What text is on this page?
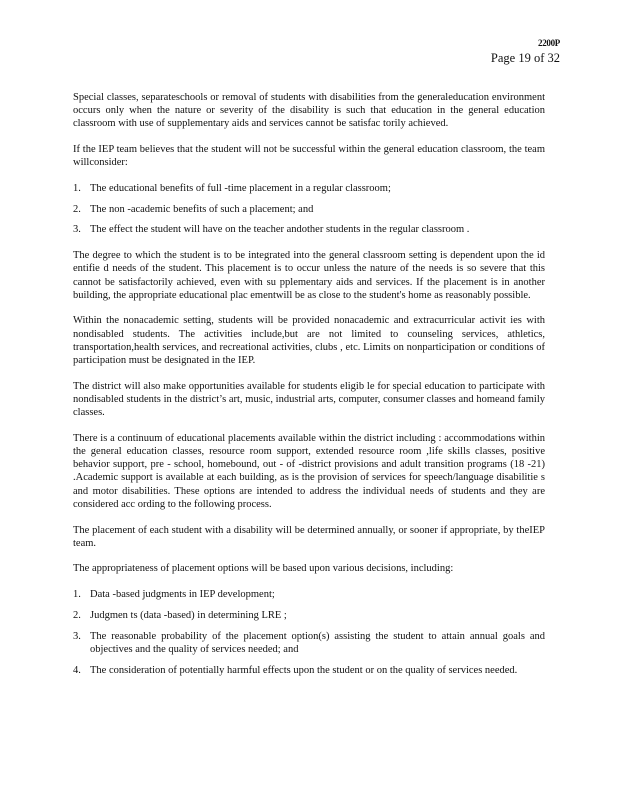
2200P
Page 19 of 32

Special classes, separateschools or removal of students with disabilities from the generaleducation environment occurs only when the nature or severity of the disability is such that education in the general education classroom with use of supplementary aids and services cannot be satisfac torily achieved.

If the IEP team believes that the student will not be successful within the general education classroom, the team willconsider:

1. The educational benefits of full -time placement in a regular classroom;
2. The non -academic benefits of such a placement; and
3. The effect the student will have on the teacher andother students in the regular classroom .

The degree to which the student is to be integrated into the general classroom setting is dependent upon the id entifie d needs of the student. This placement is to occur unless the nature of the needs is so severe that this cannot be satisfactorily achieved, even with su pplementary aids and services. If the placement is in another building, the appropriate educational plac ementwill be as close to the student's home as reasonably possible.

Within the nonacademic setting, students will be provided nonacademic and extracurricular activit ies with nondisabled students. The activities include,but are not limited to counseling services, athletics, transportation,health services, and recreational activities, clubs , etc. Limits on nonparticipation or conditions of participation must be designated in the IEP.

The district will also make opportunities available for students eligib le for special education to participate with nondisabled students in the district’s art, music, industrial arts, computer, consumer classes and homeand family classes.

There is a continuum of educational placements available within the district including : accommodations within the general education classes, resource room support, extended resource room ,life skills classes, positive behavior support, pre - school, homebound, out - of -district provisions and adult transition programs (18 -21) .Academic support is available at each building, as is the provision of services for speech/language disabilitie s and motor disabilities. These options are intended to address the individual needs of students and they are considered acc ording to the following process.

The placement of each student with a disability will be determined annually, or sooner if appropriate, by theIEP team.

The appropriateness of placement options will be based upon various decisions, including:

1. Data -based judgments in IEP development;
2. Judgmen ts (data -based) in determining LRE ;
3. The reasonable probability of the placement option(s) assisting the student to attain annual goals and objectives and the quality of services needed; and
4. The consideration of potentially harmful effects upon the student or on the quality of services needed.
